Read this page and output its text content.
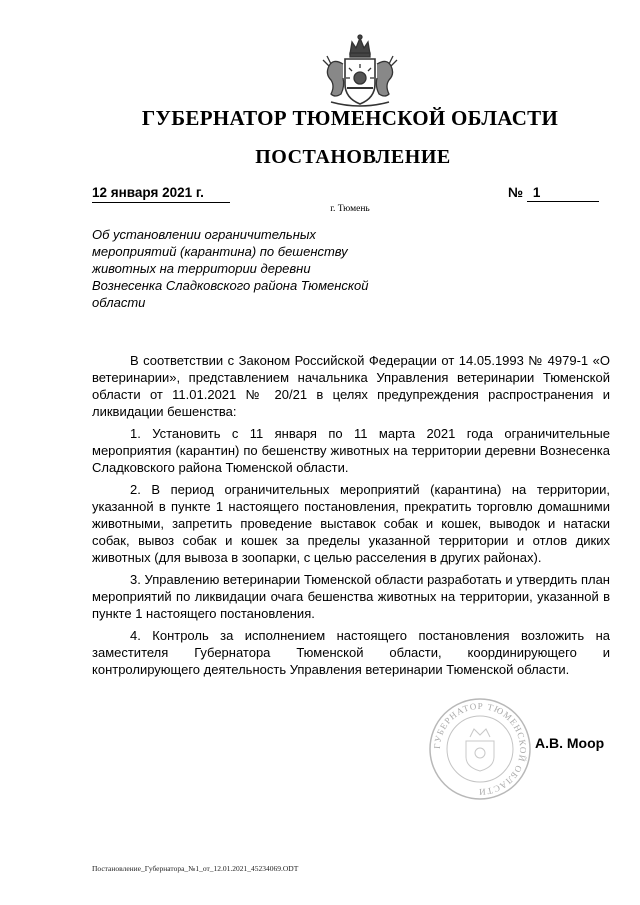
ГУБЕРНАТОР ТЮМЕНСКОЙ ОБЛАСТИ
ПОСТАНОВЛЕНИЕ
12 января 2021 г.	№ 1
г. Тюмень
Об установлении ограничительных мероприятий (карантина) по бешенству животных на территории деревни Вознесенка Сладковского района Тюменской области

В соответствии с Законом Российской Федерации от 14.05.1993 № 4979-1 «О ветеринарии», представлением начальника Управления ветеринарии Тюменской области от 11.01.2021 № 20/21 в целях предупреждения распространения и ликвидации бешенства:

1. Установить с 11 января по 11 марта 2021 года ограничительные мероприятия (карантин) по бешенству животных на территории деревни Вознесенка Сладковского района Тюменской области.

2. В период ограничительных мероприятий (карантина) на территории, указанной в пункте 1 настоящего постановления, прекратить торговлю домашними животными, запретить проведение выставок собак и кошек, выводок и натаски собак, вывоз собак и кошек за пределы указанной территории и отлов диких животных (для вывоза в зоопарки, с целью расселения в других районах).

3. Управлению ветеринарии Тюменской области разработать и утвердить план мероприятий по ликвидации очага бешенства животных на территории, указанной в пункте 1 настоящего постановления.

4. Контроль за исполнением настоящего постановления возложить на заместителя Губернатора Тюменской области, координирующего и контролирующего деятельность Управления ветеринарии Тюменской области.

ГУБЕРНАТОР ТЮМЕНСКОЙ ОБЛАСТИ
А.В. Моор
Постановление_Губернатора_№1_от_12.01.2021_45234069.ODT
